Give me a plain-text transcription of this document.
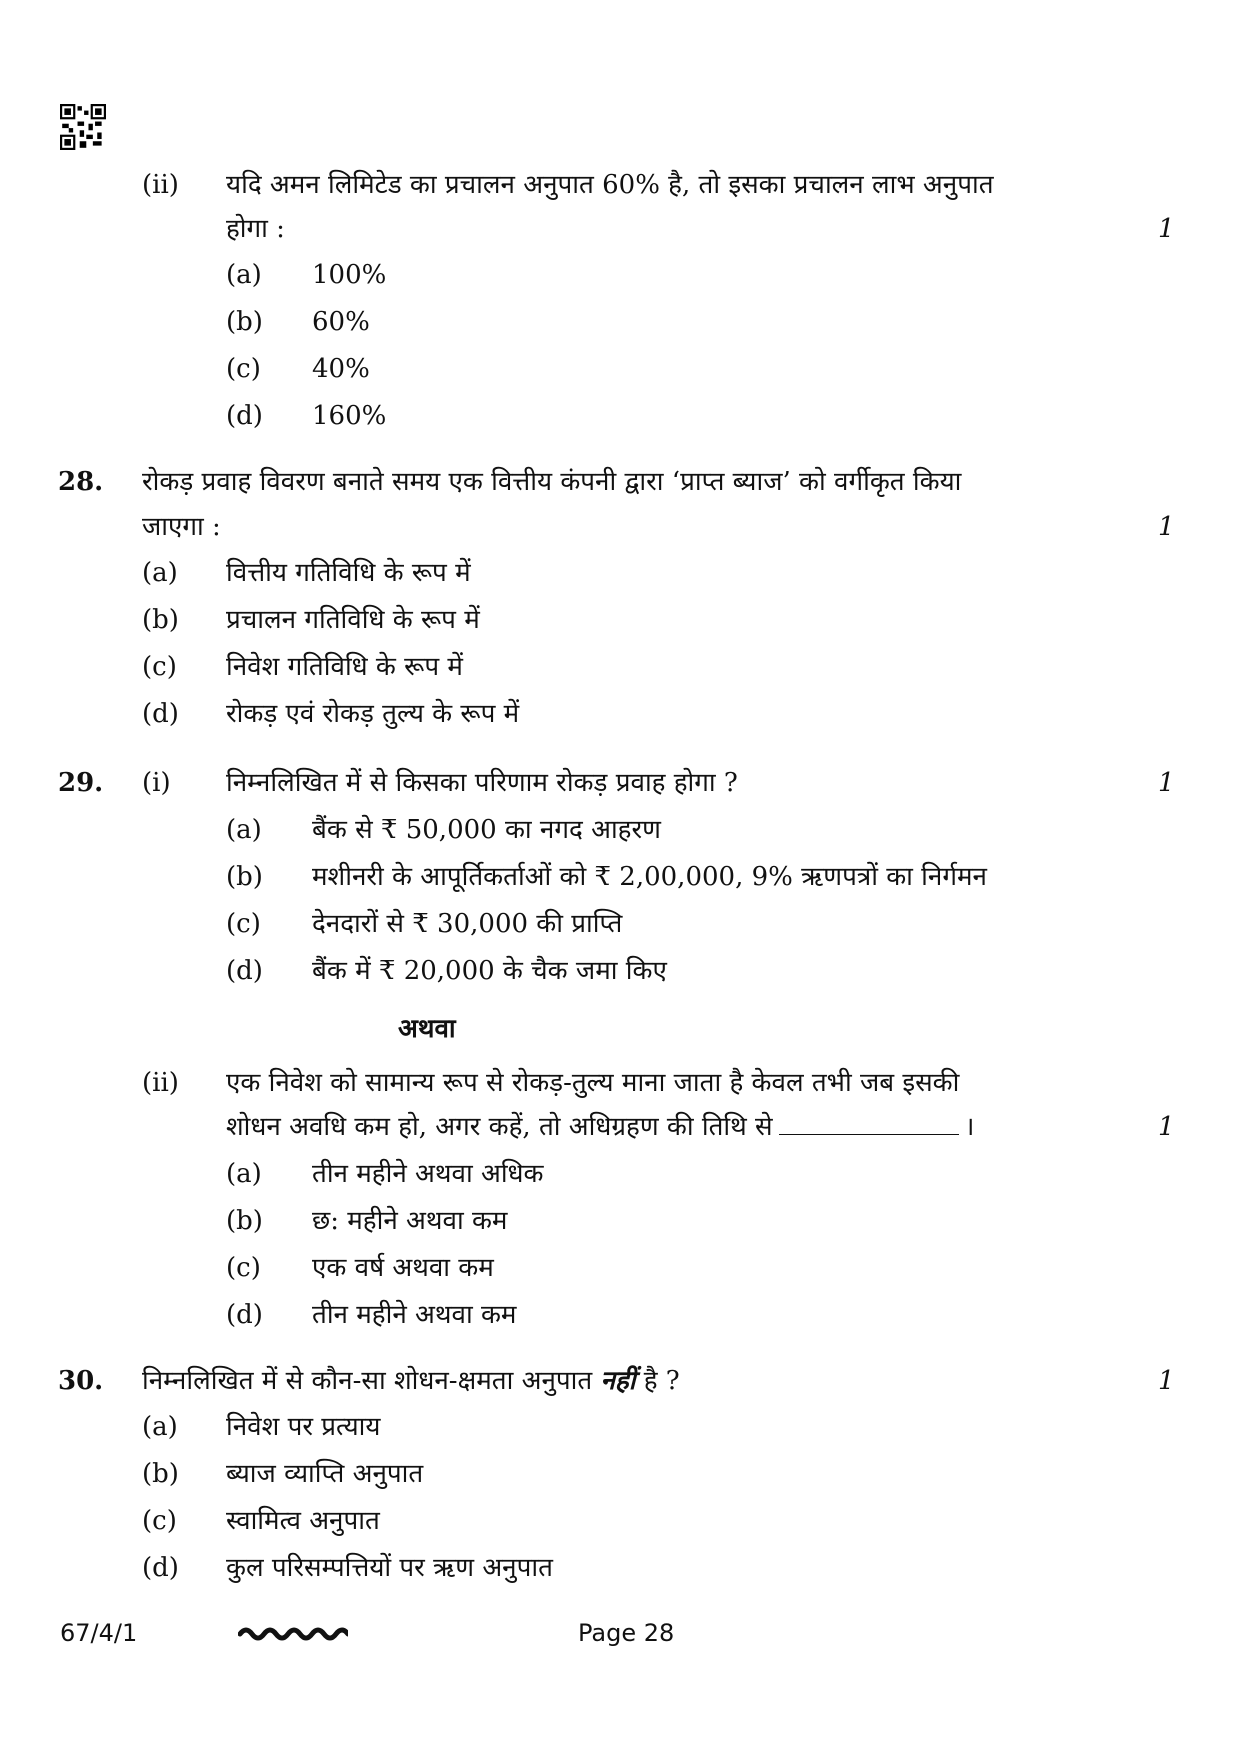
(ii) यदि अमन लिमिटेड का प्रचालन अनुपात 60% है, तो इसका प्रचालन लाभ अनुपात
होगा :	1
(a) 100%
(b) 60%
(c) 40%
(d) 160%
28. रोकड़ प्रवाह विवरण बनाते समय एक वित्तीय कंपनी द्वारा ‘प्राप्त ब्याज’ को वर्गीकृत किया
जाएगा :	1
(a) वित्तीय गतिविधि के रूप में
(b) प्रचालन गतिविधि के रूप में
(c) निवेश गतिविधि के रूप में
(d) रोकड़ एवं रोकड़ तुल्य के रूप में
29. (i) निम्नलिखित में से किसका परिणाम रोकड़ प्रवाह होगा ?	1
(a) बैंक से ₹ 50,000 का नगद आहरण
(b) मशीनरी के आपूर्तिकर्ताओं को ₹ 2,00,000, 9% ऋणपत्रों का निर्गमन
(c) देनदारों से ₹ 30,000 की प्राप्ति
(d) बैंक में ₹ 20,000 के चैक जमा किए
अथवा
(ii) एक निवेश को सामान्य रूप से रोकड़-तुल्य माना जाता है केवल तभी जब इसकी
शोधन अवधि कम हो, अगर कहें, तो अधिग्रहण की तिथि से	।	1
(a) तीन महीने अथवा अधिक
(b) छ: महीने अथवा कम
(c) एक वर्ष अथवा कम
(d) तीन महीने अथवा कम
30. निम्नलिखित में से कौन-सा शोधन-क्षमता अनुपात नहीं है ?	1
(a) निवेश पर प्रत्याय
(b) ब्याज व्याप्ति अनुपात
(c) स्वामित्व अनुपात
(d) कुल परिसम्पत्तियों पर ऋण अनुपात
67/4/1	Page 28
